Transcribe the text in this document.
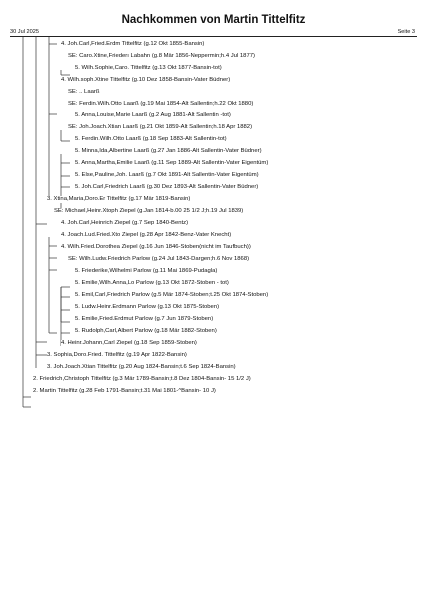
Nachkommen von Martin Tittelfitz
30 Jul 2025	Seite 3
4. Joh.Carl,Fried.Erdm Tittelfitz (g.12 Okt 1855-Bansin)
SE: Caro.Xtine,Friederı Labahn (g.8 Mär 1856-Neppermin;h.4 Jul 1877)
5. Wilh.Sophie,Caro. Tittelfitz (g.13 Okt 1877-Bansin-tot)
4. Wilh.soph.Xtine Tittelfitz (g.10 Dez 1858-Bansin-Vater Büdner)
SE: .. Laarß
SE: Ferdin.Wilh.Otto Laarß (g.19 Mai 1854-Alt Sallentin;h.22 Okt 1880)
5. Anna,Louise,Marie Laarß (g.2 Aug 1881-Alt Sallentin -tot)
SE: Joh.Joach.Xtian Laarß (g.21 Okt 1859-Alt Sallentin;h.18 Apr 1882)
5. Ferdin.Wilh.Otto Laarß (g.18 Sep 1883-Alt Sallentin-tot)
5. Minna,Ida,Albertine Laarß (g.27 Jan 1886-Alt Sallentin-Vater Büdner)
5. Anna,Martha,Emilie Laarß (g.11 Sep 1889-Alt Sallentin-Vater Eigentüm)
5. Else,Pauline,Joh. Laarß (g.7 Okt 1891-Alt Sallentin-Vater Eigentüm)
5. Joh.Carl,Friedrich Laarß (g.30 Dez 1893-Alt Sallentin-Vater Büdner)
3. Xtina,Maria,Doro.Er Tittelfitz (g.17 Mär 1819-Bansin)
SE: Michael,Heinr.Xtoph Ziepel (g.Jan 1814-b.00 25 1/2 J;h.19 Jul 1839)
4. Joh.Carl,Heinrich Ziepel (g.7 Sep 1840-Bentz)
4. Joach.Lud.Fried.Xto Ziepel (g.28 Apr 1842-Benz-Vater Knecht)
4. Wilh.Fried.Dorothea Ziepel (g.16 Jun 1846-Stoben(nicht im Taufbuch))
SE: Wilh.Ludw.Friedrich Parlow (g.24 Jul 1843-Dargen;h.6 Nov 1868)
5. Friederike,Wilhelmi Parlow (g.11 Mai 1869-Pudagla)
5. Emilie,Wilh.Anna,Lo Parlow (g.13 Okt 1872-Stoben - tot)
5. Emil,Carl,Friedrich Parlow (g.5 Mär 1874-Stoben;t.25 Okt 1874-Stoben)
5. Ludw.Heinr.Erdmann Parlow (g.13 Okt 1875-Stoben)
5. Emilie,Fried.Erdmut Parlow (g.7 Jun 1879-Stoben)
5. Rudolph,Carl,Albert Parlow (g.18 Mär 1882-Stoben)
4. Heinr.Johann,Carl Ziepel (g.18 Sep 1859-Stoben)
3. Sophia,Doro.Fried. Tittelfitz (g.19 Apr 1822-Bansin)
3. Joh.Joach.Xtian Tittelfitz (g.20 Aug 1824-Bansin;t.6 Sep 1824-Bansin)
2. Friedrich,Christoph Tittelfitz (g.3 Mär 1789-Bansin;t.8 Dez 1804-Bansin- 15 1/2 J)
2. Martin Tittelfitz (g.28 Feb 1791-Bansin;t.31 Mai 1801-^Bansin- 10 J)
